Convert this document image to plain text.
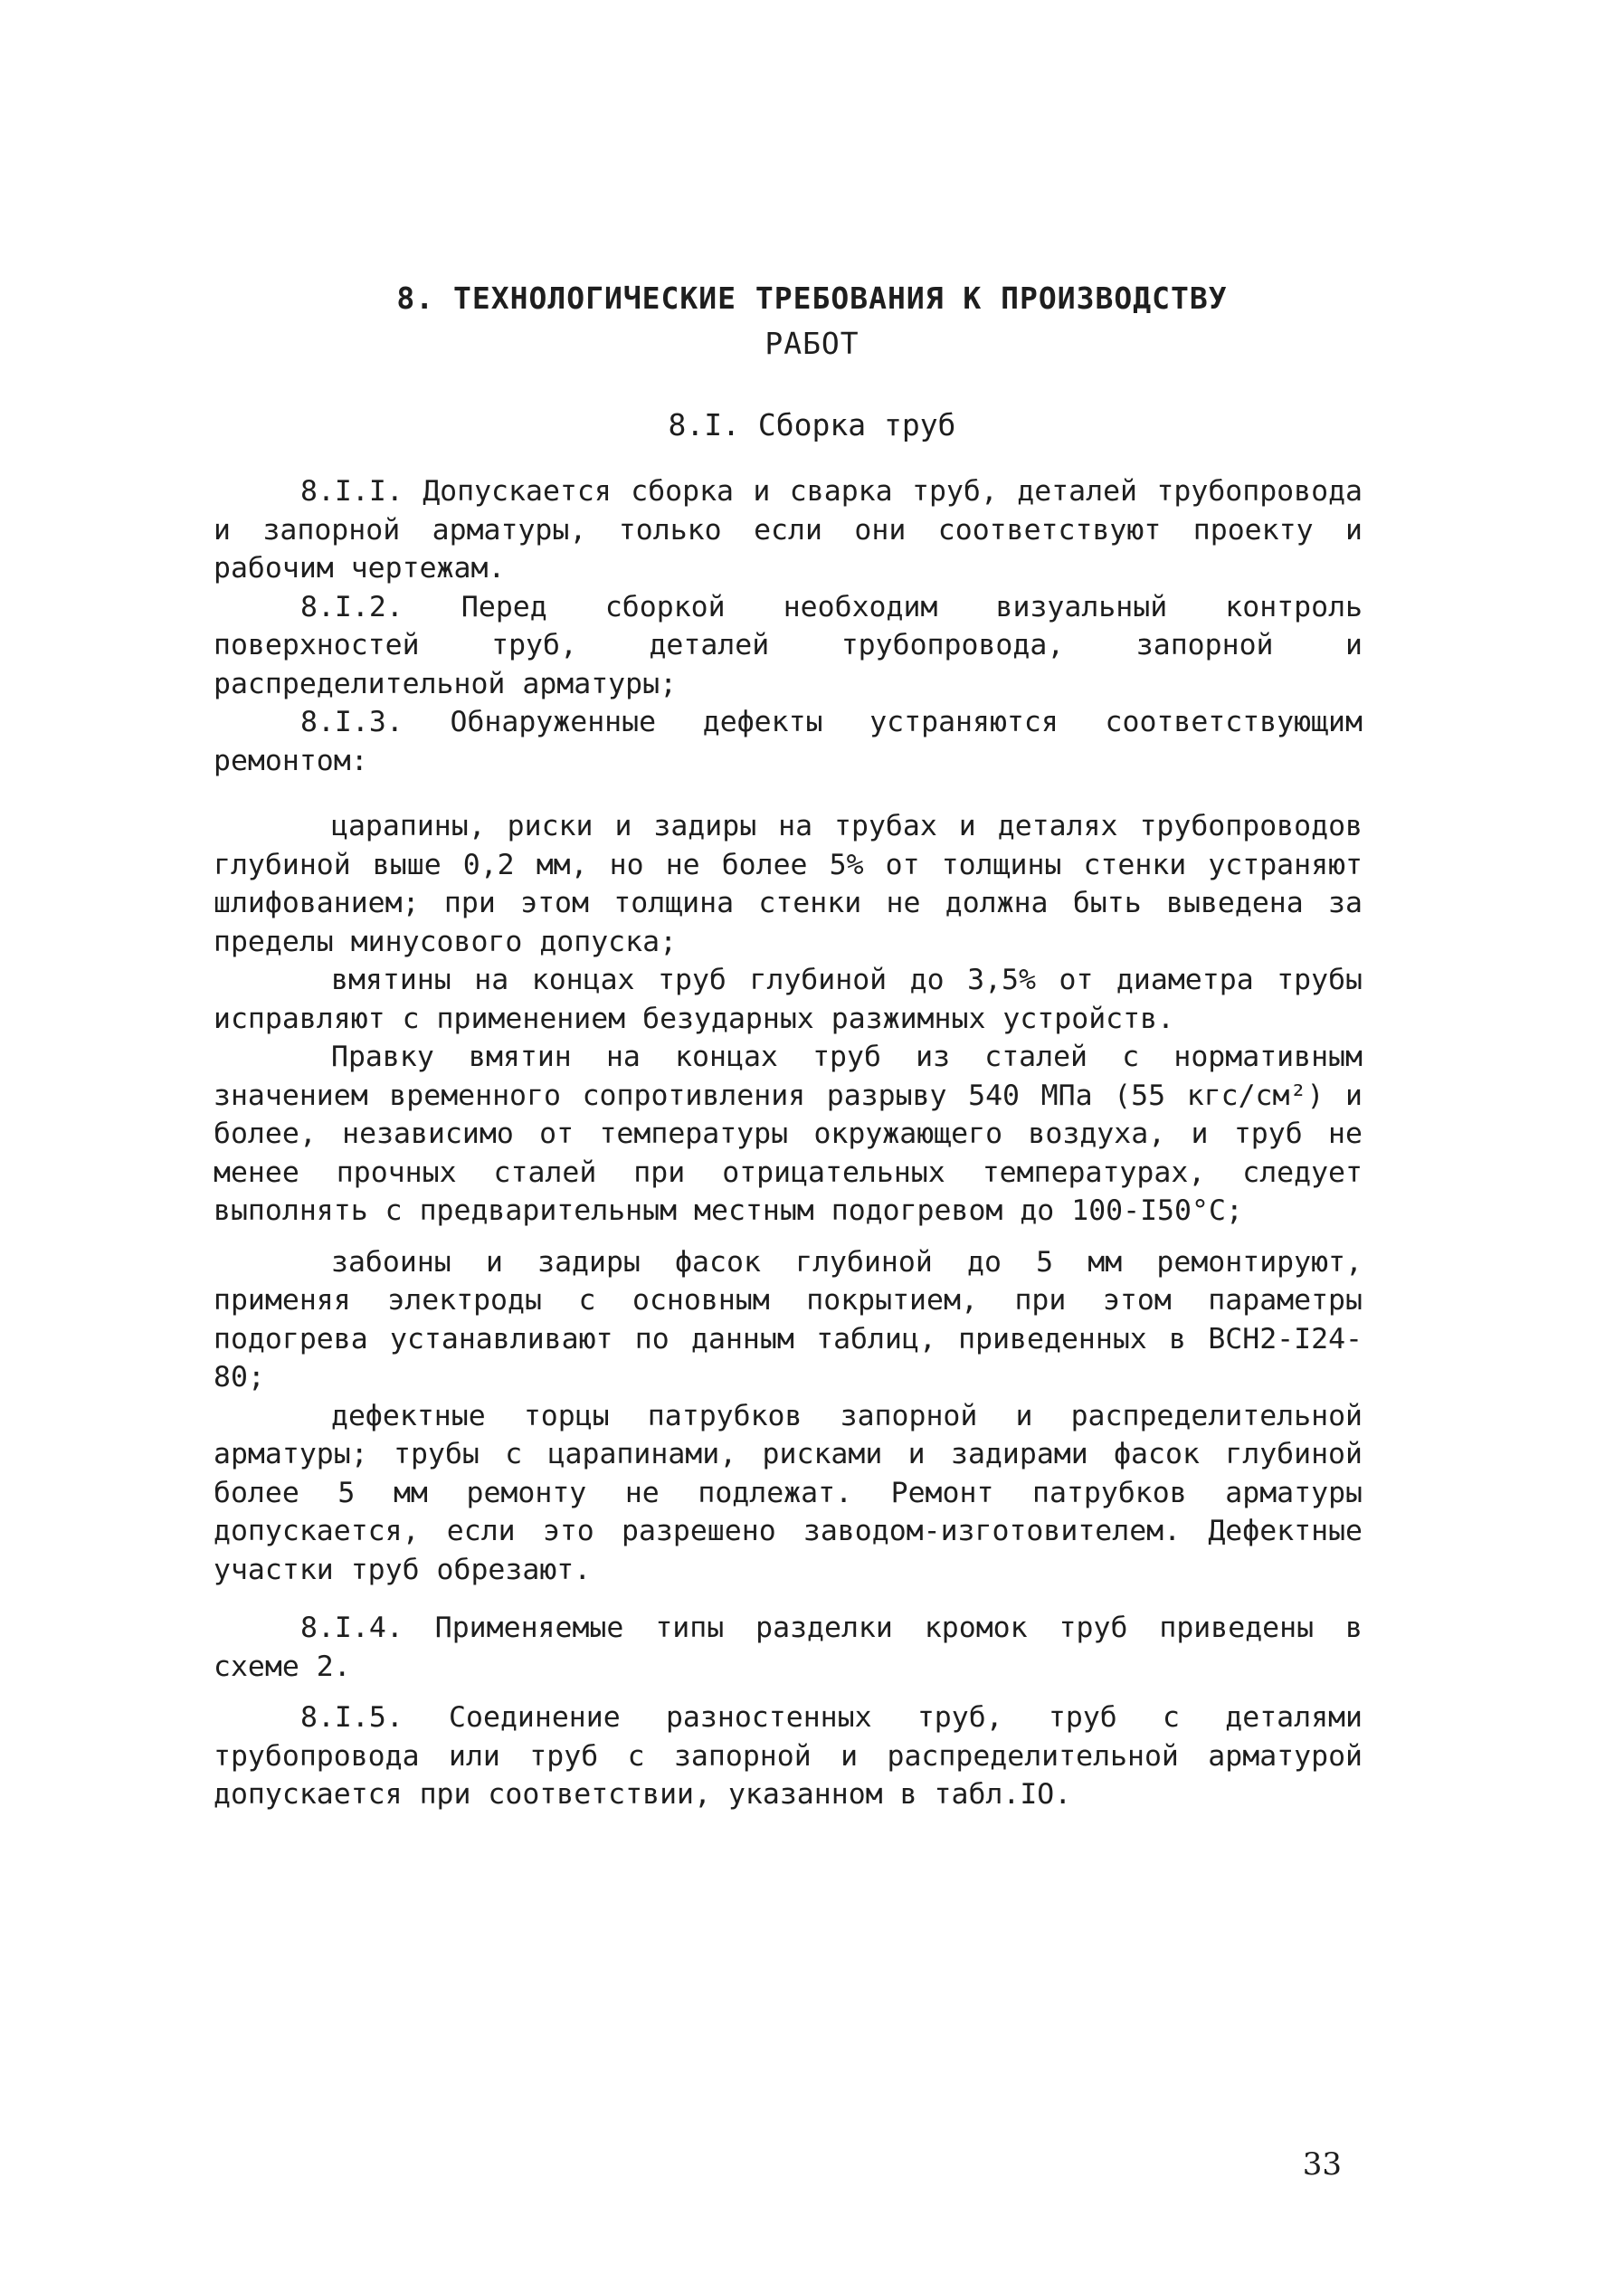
8. ТЕХНОЛОГИЧЕСКИЕ ТРЕБОВАНИЯ К ПРОИЗВОДСТВУ
РАБОТ
8.I. Сборка труб

8.I.I. Допускается сборка и сварка труб, деталей трубопровода и запорной арматуры, только если они соответствуют проекту и рабочим чертежам.

8.I.2. Перед сборкой необходим визуальный контроль поверхностей труб, деталей трубопровода, запорной и распределительной арматуры;

8.I.3. Обнаруженные дефекты устраняются соответствующим ремонтом:

царапины, риски и задиры на трубах и деталях трубопроводов глубиной выше 0,2 мм, но не более 5% от толщины стенки устраняют шлифованием; при этом толщина стенки не должна быть выведена за пределы минусового допуска;

вмятины на концах труб глубиной до 3,5% от диаметра трубы исправляют с применением безударных разжимных устройств.

Правку вмятин на концах труб из сталей с нормативным значением временного сопротивления разрыву 540 МПа (55 кгс/см²) и более, независимо от температуры окружающего воздуха, и труб не менее прочных сталей при отрицательных температурах, следует выполнять с предварительным местным подогревом до 100-I50°C;

забоины и задиры фасок глубиной до 5 мм ремонтируют, применяя электроды с основным покрытием, при этом параметры подогрева устанавливают по данным таблиц, приведенных в ВСН2-I24-80;

дефектные торцы патрубков запорной и распределительной арматуры; трубы с царапинами, рисками и задирами фасок глубиной более 5 мм ремонту не подлежат. Ремонт патрубков арматуры допускается, если это разрешено заводом-изготовителем. Дефектные участки труб обрезают.

8.I.4. Применяемые типы разделки кромок труб приведены в схеме 2.

8.I.5. Соединение разностенных труб, труб с деталями трубопровода или труб с запорной и распределительной арматурой допускается при соответствии, указанном в табл.IO.

33
